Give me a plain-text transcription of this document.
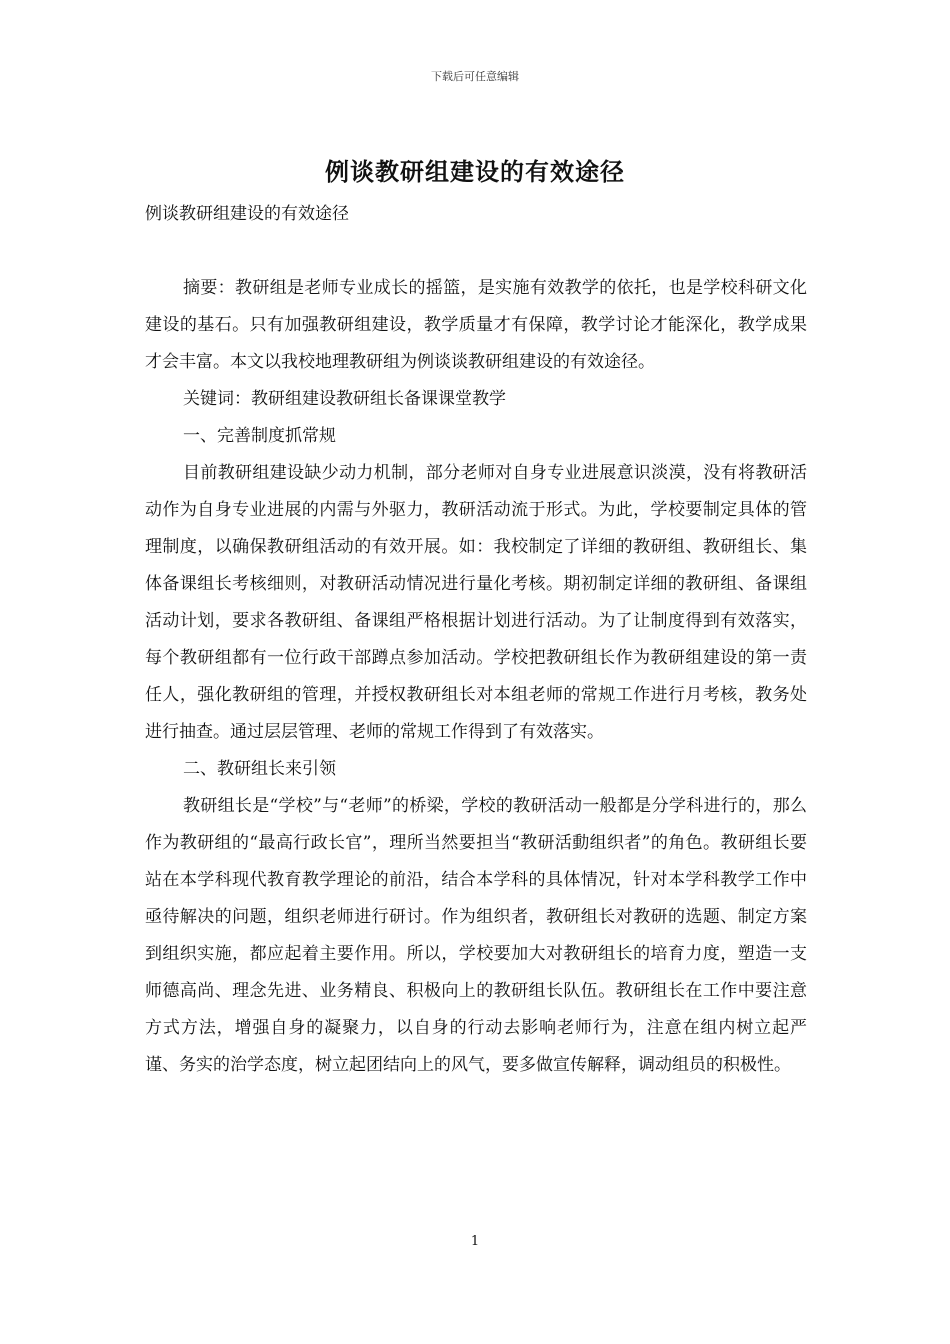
下载后可任意编辑
例谈教研组建设的有效途径

例谈教研组建设的有效途径

摘要：教研组是老师专业成长的摇篮，是实施有效教学的依托，也是学校科研文化建设的基石。只有加强教研组建设，教学质量才有保障，教学讨论才能深化，教学成果才会丰富。本文以我校地理教研组为例谈谈教研组建设的有效途径。

关键词：教研组建设教研组长备课课堂教学

一、完善制度抓常规

目前教研组建设缺少动力机制，部分老师对自身专业进展意识淡漠，没有将教研活动作为自身专业进展的内需与外驱力，教研活动流于形式。为此，学校要制定具体的管理制度，以确保教研组活动的有效开展。如：我校制定了详细的教研组、教研组长、集体备课组长考核细则，对教研活动情况进行量化考核。期初制定详细的教研组、备课组活动计划，要求各教研组、备课组严格根据计划进行活动。为了让制度得到有效落实，每个教研组都有一位行政干部蹲点参加活动。学校把教研组长作为教研组建设的第一责任人，强化教研组的管理，并授权教研组长对本组老师的常规工作进行月考核，教务处进行抽查。通过层层管理、老师的常规工作得到了有效落实。

二、教研组长来引领

教研组长是“学校”与“老师”的桥梁，学校的教研活动一般都是分学科进行的，那么作为教研组的“最高行政长官”，理所当然要担当“教研活動组织者”的角色。教研组长要站在本学科现代教育教学理论的前沿，结合本学科的具体情况，针对本学科教学工作中亟待解决的问题，组织老师进行研讨。作为组织者，教研组长对教研的选题、制定方案到组织实施，都应起着主要作用。所以，学校要加大对教研组长的培育力度，塑造一支师德高尚、理念先进、业务精良、积极向上的教研组长队伍。教研组长在工作中要注意方式方法，增强自身的凝聚力，以自身的行动去影响老师行为，注意在组内树立起严谨、务实的治学态度，树立起团结向上的风气，要多做宣传解释，调动组员的积极性。

1
